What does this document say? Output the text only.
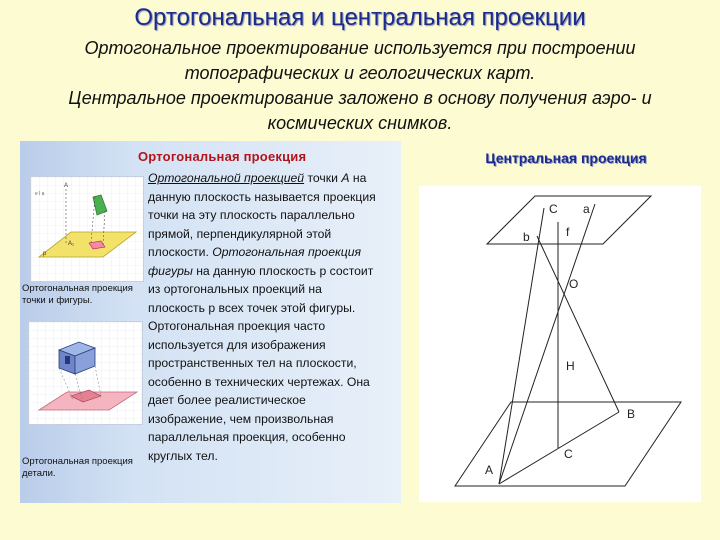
Ортогональная и центральная проекции
Ортогональное проектирование используется при построении
топографических и геологических карт.
Центральное проектирование заложено в основу получения аэро- и
космических снимков.
A
A₁
p
e l a
Ортогональная проекция
точки и фигуры.
Ортогональная проекция
детали.
Ортогональная проекция
Ортогональной проекцией точки А на
данную плоскость называется проекция
точки на эту плоскость параллельно
прямой, перпендикулярной этой
плоскости. Ортогональная проекция
фигуры на данную плоскость р состоит
из ортогональных проекций на
плоскость р всех точек этой фигуры.
Ортогональная проекция часто
используется для изображения
пространственных тел на плоскости,
особенно в технических чертежах. Она
дает более реалистическое
изображение, чем произвольная
параллельная проекция, особенно
круглых тел.
Центральная проекция
C a
b	f
O
H
B
C
A
